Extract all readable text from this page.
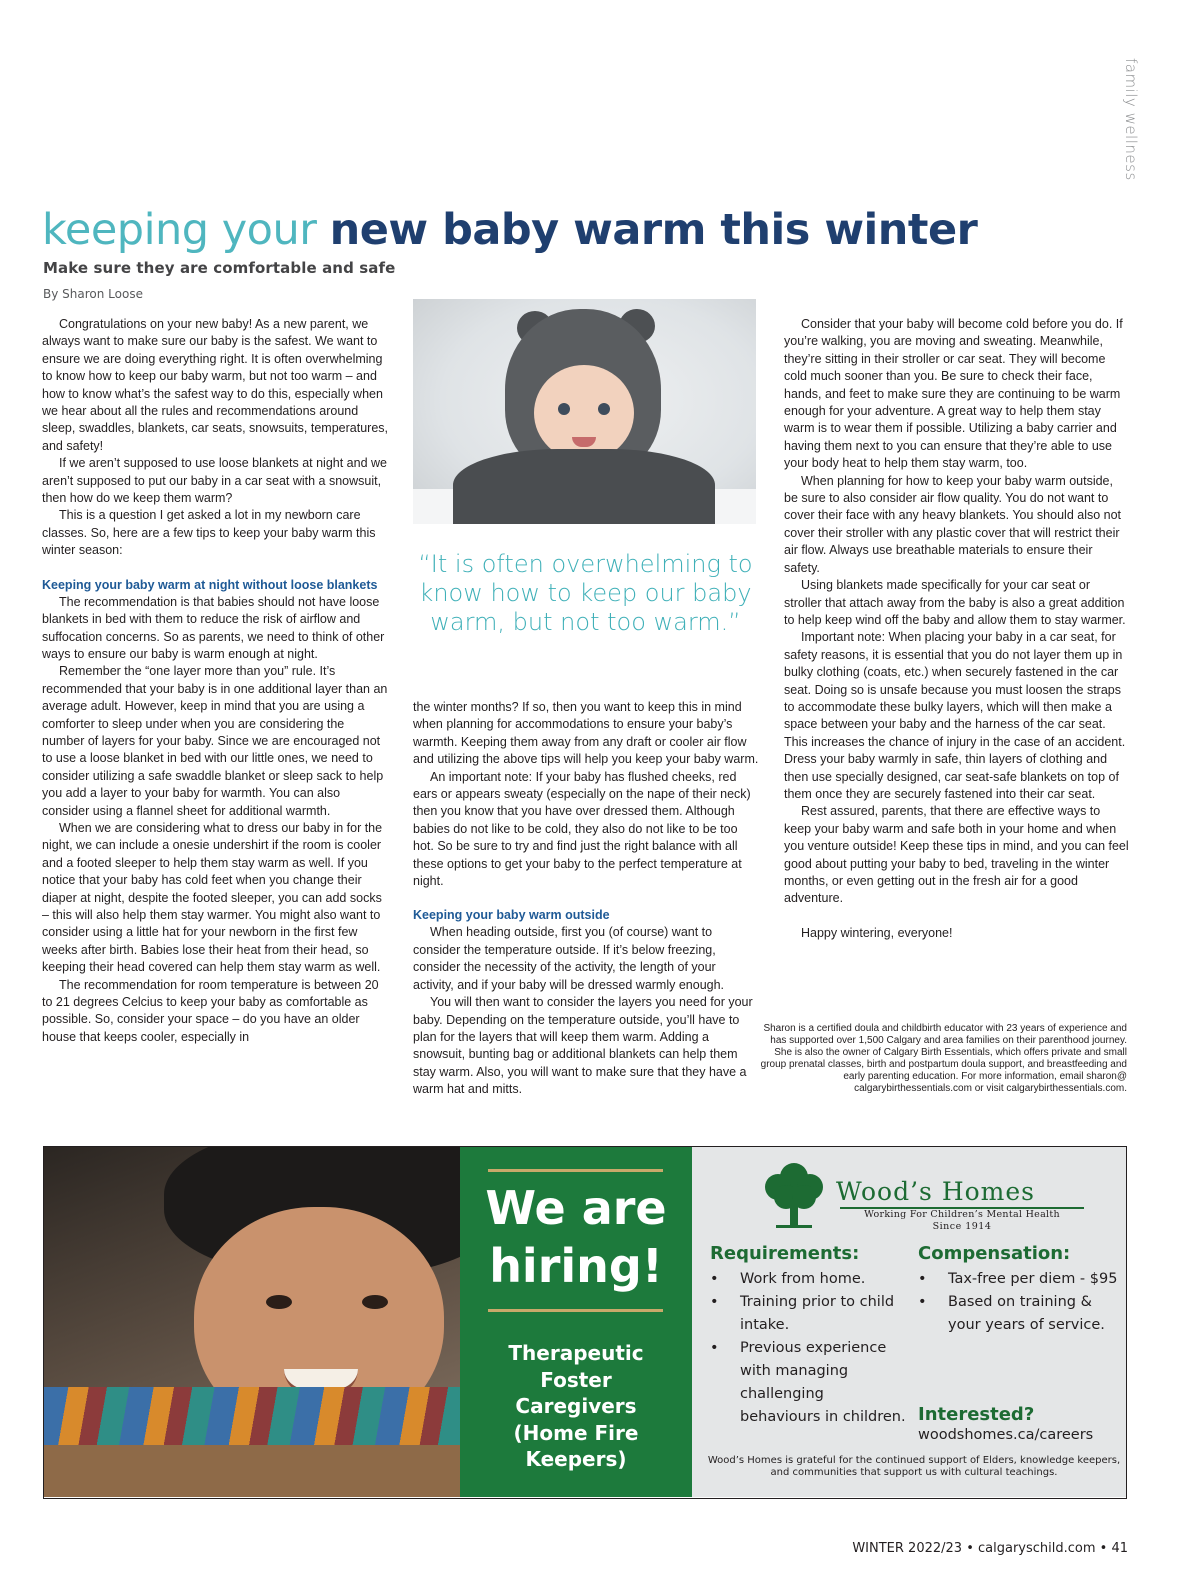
family wellness
keeping your new baby warm this winter
Make sure they are comfortable and safe
By Sharon Loose

Congratulations on your new baby! As a new parent, we always want to make sure our baby is the safest. We want to ensure we are doing everything right. It is often overwhelming to know how to keep our baby warm, but not too warm – and how to know what’s the safest way to do this, especially when we hear about all the rules and recommendations around sleep, swaddles, blankets, car seats, snowsuits, temperatures, and safety!

If we aren’t supposed to use loose blankets at night and we aren’t supposed to put our baby in a car seat with a snowsuit, then how do we keep them warm?

This is a question I get asked a lot in my newborn care classes. So, here are a few tips to keep your baby warm this winter season:

Keeping your baby warm at night without loose blankets

The recommendation is that babies should not have loose blankets in bed with them to reduce the risk of airflow and suffocation concerns. So as parents, we need to think of other ways to ensure our baby is warm enough at night.

Remember the “one layer more than you” rule. It’s recommended that your baby is in one additional layer than an average adult. However, keep in mind that you are using a comforter to sleep under when you are considering the number of layers for your baby. Since we are encouraged not to use a loose blanket in bed with our little ones, we need to consider utilizing a safe swaddle blanket or sleep sack to help you add a layer to your baby for warmth. You can also consider using a flannel sheet for additional warmth.

When we are considering what to dress our baby in for the night, we can include a onesie undershirt if the room is cooler and a footed sleeper to help them stay warm as well. If you notice that your baby has cold feet when you change their diaper at night, despite the footed sleeper, you can add socks – this will also help them stay warmer. You might also want to consider using a little hat for your newborn in the first few weeks after birth. Babies lose their heat from their head, so keeping their head covered can help them stay warm as well.

The recommendation for room temperature is between 20 to 21 degrees Celcius to keep your baby as comfortable as possible. So, consider your space – do you have an older house that keeps cooler, especially in

“It is often overwhelming to know how to keep our baby warm, but not too warm.”

the winter months? If so, then you want to keep this in mind when planning for accommodations to ensure your baby’s warmth. Keeping them away from any draft or cooler air flow and utilizing the above tips will help you keep your baby warm.

An important note: If your baby has flushed cheeks, red ears or appears sweaty (especially on the nape of their neck) then you know that you have over dressed them. Although babies do not like to be cold, they also do not like to be too hot. So be sure to try and find just the right balance with all these options to get your baby to the perfect temperature at night.

Keeping your baby warm outside

When heading outside, first you (of course) want to consider the temperature outside. If it’s below freezing, consider the necessity of the activity, the length of your activity, and if your baby will be dressed warmly enough.

You will then want to consider the layers you need for your baby. Depending on the temperature outside, you’ll have to plan for the layers that will keep them warm. Adding a snowsuit, bunting bag or additional blankets can help them stay warm. Also, you will want to make sure that they have a warm hat and mitts.

Consider that your baby will become cold before you do. If you’re walking, you are moving and sweating. Meanwhile, they’re sitting in their stroller or car seat. They will become cold much sooner than you. Be sure to check their face, hands, and feet to make sure they are continuing to be warm enough for your adventure. A great way to help them stay warm is to wear them if possible. Utilizing a baby carrier and having them next to you can ensure that they’re able to use your body heat to help them stay warm, too.

When planning for how to keep your baby warm outside, be sure to also consider air flow quality. You do not want to cover their face with any heavy blankets. You should also not cover their stroller with any plastic cover that will restrict their air flow. Always use breathable materials to ensure their safety.

Using blankets made specifically for your car seat or stroller that attach away from the baby is also a great addition to help keep wind off the baby and allow them to stay warmer.

Important note: When placing your baby in a car seat, for safety reasons, it is essential that you do not layer them up in bulky clothing (coats, etc.) when securely fastened in the car seat. Doing so is unsafe because you must loosen the straps to accommodate these bulky layers, which will then make a space between your baby and the harness of the car seat. This increases the chance of injury in the case of an accident. Dress your baby warmly in safe, thin layers of clothing and then use specially designed, car seat-safe blankets on top of them once they are securely fastened into their car seat.

Rest assured, parents, that there are effective ways to keep your baby warm and safe both in your home and when you venture outside! Keep these tips in mind, and you can feel good about putting your baby to bed, traveling in the winter months, or even getting out in the fresh air for a good adventure.

Happy wintering, everyone!

Sharon is a certified doula and childbirth educator with 23 years of experience and has supported over 1,500 Calgary and area families on their parenthood journey. She is also the owner of Calgary Birth Essentials, which offers private and small group prenatal classes, birth and postpartum doula support, and breastfeeding and early parenting education. For more information, email sharon@ calgarybirthessentials.com or visit calgarybirthessentials.com.
We are
hiring!
Therapeutic
Foster
Caregivers
(Home Fire
Keepers)
Wood’s Homes
Working For Children’s Mental Health
Since 1914
Requirements:
• Work from home.
• Training prior to child intake.
• Previous experience with managing challenging behaviours in children.
Compensation:
• Tax-free per diem - $95
• Based on training & your years of service.
Interested?
woodshomes.ca/careers
Wood’s Homes is grateful for the continued support of Elders, knowledge keepers, and communities that support us with cultural teachings.
WINTER 2022/23 • calgaryschild.com • 41
